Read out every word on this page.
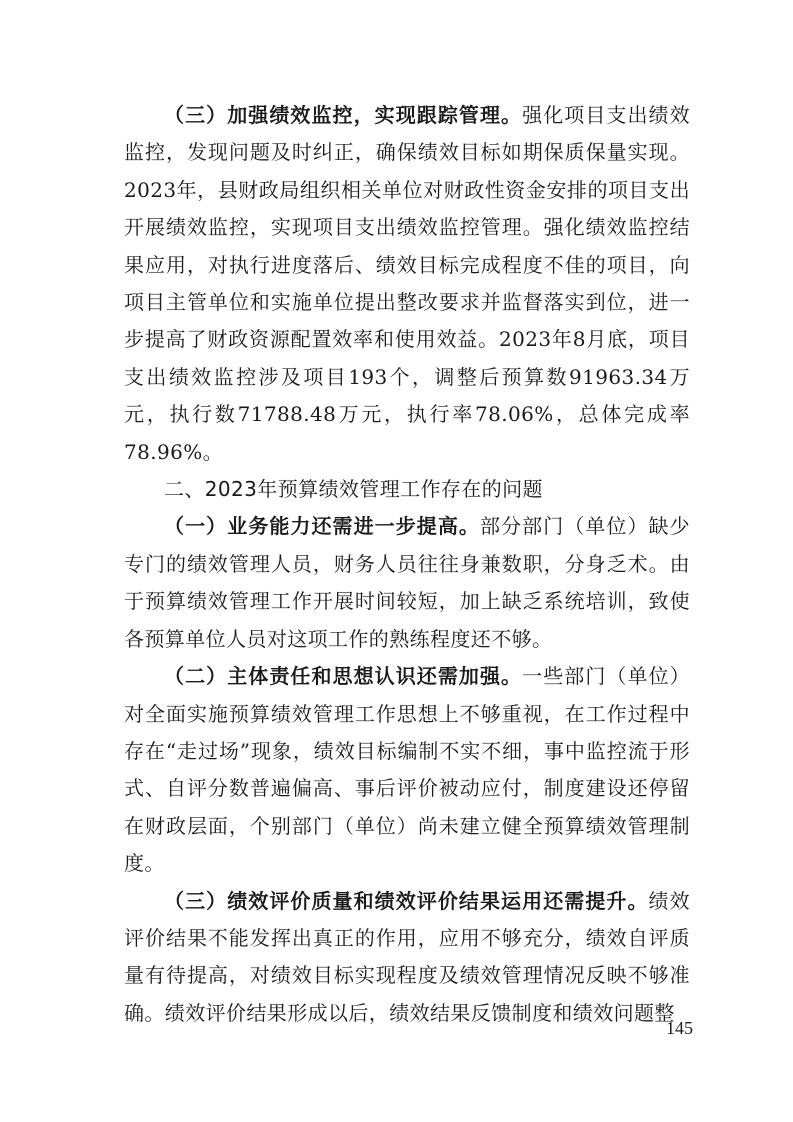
（三）加强绩效监控，实现跟踪管理。强化项目支出绩效监控，发现问题及时纠正，确保绩效目标如期保质保量实现。2023年，县财政局组织相关单位对财政性资金安排的项目支出开展绩效监控，实现项目支出绩效监控管理。强化绩效监控结果应用，对执行进度落后、绩效目标完成程度不佳的项目，向项目主管单位和实施单位提出整改要求并监督落实到位，进一步提高了财政资源配置效率和使用效益。2023年8月底，项目支出绩效监控涉及项目193个，调整后预算数91963.34万元，执行数71788.48万元，执行率78.06%，总体完成率78.96%。

二、2023年预算绩效管理工作存在的问题

（一）业务能力还需进一步提高。部分部门（单位）缺少专门的绩效管理人员，财务人员往往身兼数职，分身乏术。由于预算绩效管理工作开展时间较短，加上缺乏系统培训，致使各预算单位人员对这项工作的熟练程度还不够。

（二）主体责任和思想认识还需加强。一些部门（单位）对全面实施预算绩效管理工作思想上不够重视，在工作过程中存在“走过场”现象，绩效目标编制不实不细，事中监控流于形式、自评分数普遍偏高、事后评价被动应付，制度建设还停留在财政层面，个别部门（单位）尚未建立健全预算绩效管理制度。

（三）绩效评价质量和绩效评价结果运用还需提升。绩效评价结果不能发挥出真正的作用，应用不够充分，绩效自评质量有待提高，对绩效目标实现程度及绩效管理情况反映不够准确。绩效评价结果形成以后，绩效结果反馈制度和绩效问题整

145
